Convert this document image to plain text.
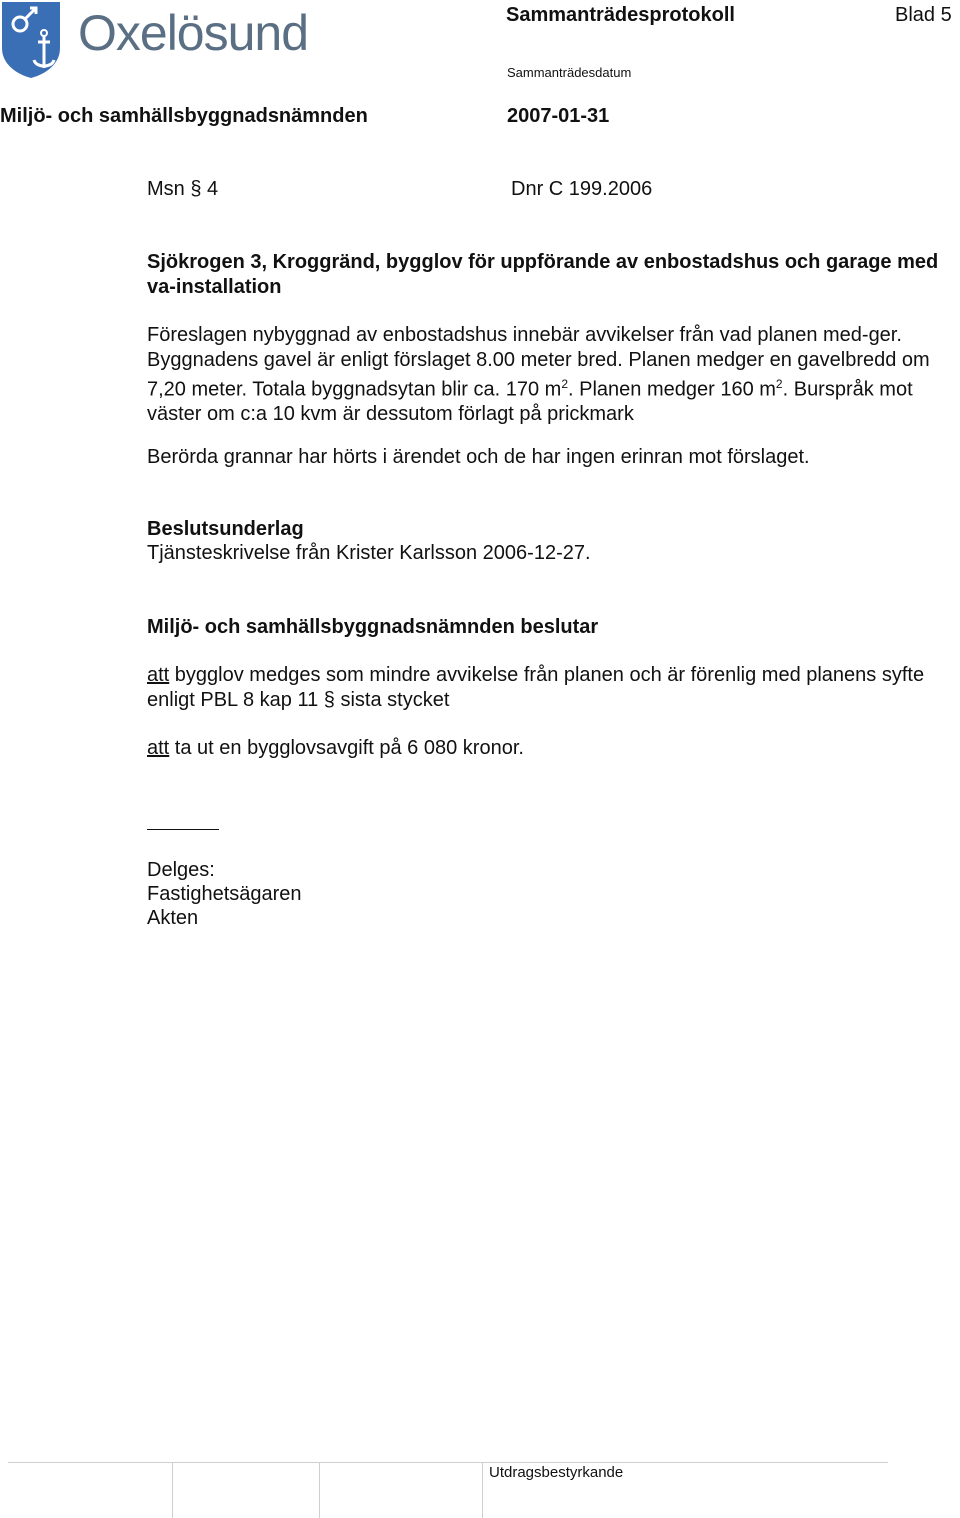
Oxelösund	Sammanträdesprotokoll	Blad 5
Sammanträdesdatum
Miljö- och samhällsbyggnadsnämnden	2007-01-31
Msn § 4	Dnr C 199.2006
Sjökrogen 3, Kroggränd, bygglov för uppförande av enbostadshus och garage med va-installation
Föreslagen nybyggnad av enbostadshus innebär avvikelser från vad planen med-ger. Byggnadens gavel är enligt förslaget 8.00 meter bred. Planen medger en gavelbredd om 7,20 meter. Totala byggnadsytan blir ca. 170 $m^2$. Planen medger 160 $m^2$. Burspråk mot väster om c:a 10 kvm är dessutom förlagt på prickmark
Berörda grannar har hörts i ärendet och de har ingen erinran mot förslaget.
Beslutsunderlag
Tjänsteskrivelse från Krister Karlsson 2006-12-27.
Miljö- och samhällsbyggnadsnämnden beslutar
att bygglov medges som mindre avvikelse från planen och är förenlig med planens syfte enligt PBL 8 kap 11 § sista stycket
att ta ut en bygglovsavgift på 6 080 kronor.
Delges:
Fastighetsägaren
Akten
Utdragsbestyrkande
